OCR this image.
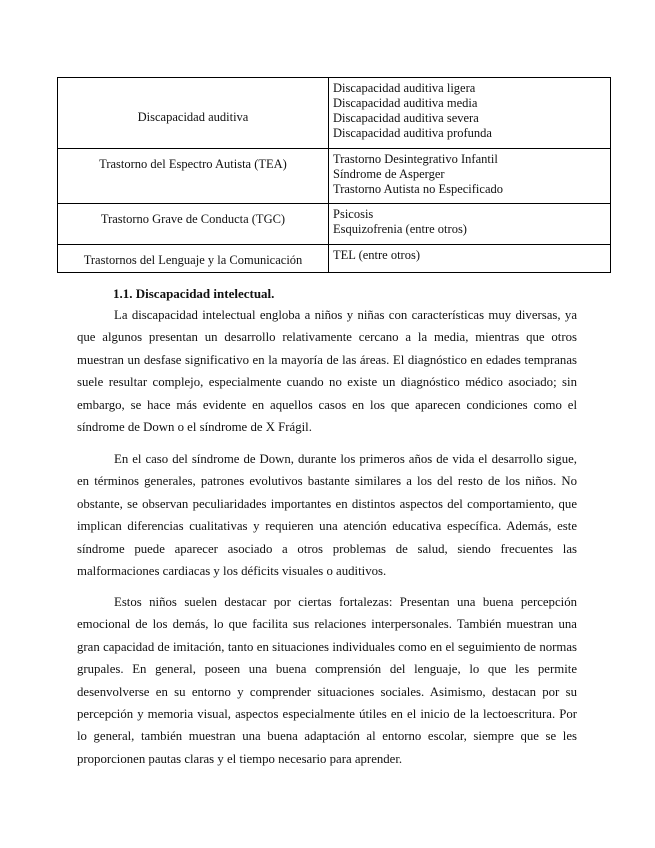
Discapacidad auditiva	Discapacidad auditiva ligera
Discapacidad auditiva media
Discapacidad auditiva severa
Discapacidad auditiva profunda

Trastorno del Espectro Autista (TEA)	Trastorno Desintegrativo Infantil
Síndrome de Asperger
Trastorno Autista no Especificado

Trastorno Grave de Conducta (TGC)	Psicosis
Esquizofrenia (entre otros)

Trastornos del Lenguaje y la Comunicación	TEL (entre otros)
1.1. Discapacidad intelectual.

La discapacidad intelectual engloba a niños y niñas con características muy diversas, ya que algunos presentan un desarrollo relativamente cercano a la media, mientras que otros muestran un desfase significativo en la mayoría de las áreas. El diagnóstico en edades tempranas suele resultar complejo, especialmente cuando no existe un diagnóstico médico asociado; sin embargo, se hace más evidente en aquellos casos en los que aparecen condiciones como el síndrome de Down o el síndrome de X Frágil.

En el caso del síndrome de Down, durante los primeros años de vida el desarrollo sigue, en términos generales, patrones evolutivos bastante similares a los del resto de los niños. No obstante, se observan peculiaridades importantes en distintos aspectos del comportamiento, que implican diferencias cualitativas y requieren una atención educativa específica. Además, este síndrome puede aparecer asociado a otros problemas de salud, siendo frecuentes las malformaciones cardiacas y los déficits visuales o auditivos.

Estos niños suelen destacar por ciertas fortalezas: Presentan una buena percepción emocional de los demás, lo que facilita sus relaciones interpersonales. También muestran una gran capacidad de imitación, tanto en situaciones individuales como en el seguimiento de normas grupales. En general, poseen una buena comprensión del lenguaje, lo que les permite desenvolverse en su entorno y comprender situaciones sociales. Asimismo, destacan por su percepción y memoria visual, aspectos especialmente útiles en el inicio de la lectoescritura. Por lo general, también muestran una buena adaptación al entorno escolar, siempre que se les proporcionen pautas claras y el tiempo necesario para aprender.
